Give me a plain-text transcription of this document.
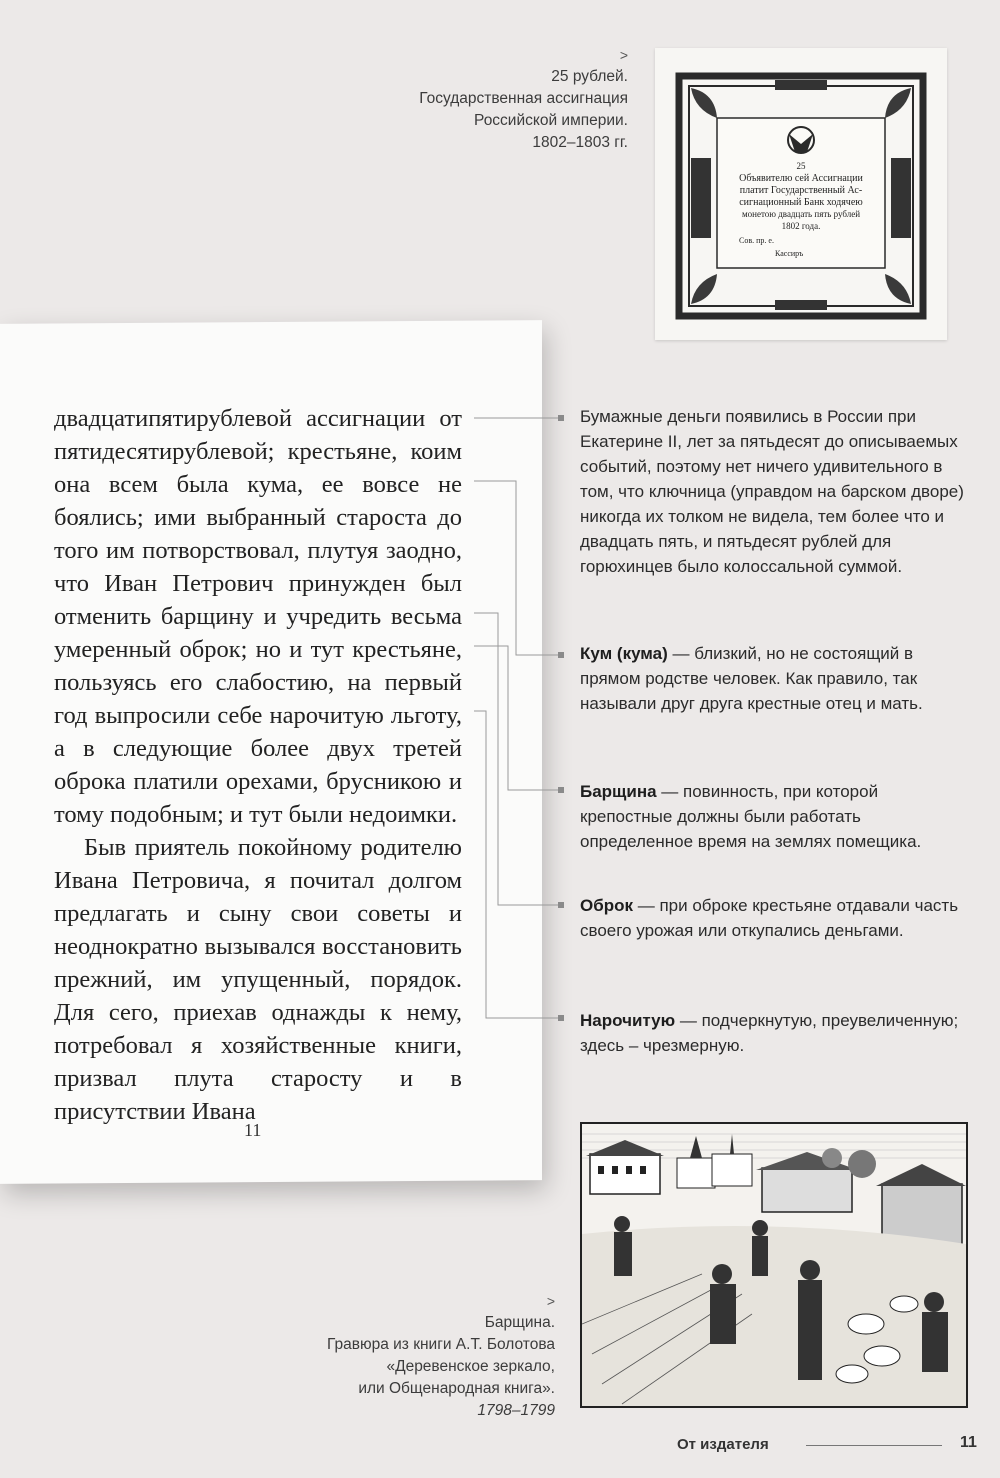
>
25 рублей.
Государственная ассигнация
Российской империи.
1802–1803 гг.
25
Объявителю сей Ассигнации
платит Государственный Ас-
сигнационный Банк ходячею
монетою двадцать пять рублей
1802 года.
Сов. пр. е.
Кассиръ

двадцатипятирублевой ассигнации от пятидесятирублевой; крестьяне, коим она всем была кума, ее вовсе не боялись; ими выбранный староста до того им потворствовал, плутуя заодно, что Иван Петрович принужден был отменить барщину и учредить весьма умеренный оброк; но и тут крестьяне, пользуясь его слабостию, на первый год выпросили себе нарочитую льготу, а в следующие более двух третей оброка платили орехами, брусникою и тому подобным; и тут были недоимки.

Быв приятель покойному родителю Ивана Петровича, я почитал долгом предлагать и сыну свои советы и неоднократно вызывался восстановить прежний, им упущенный, порядок. Для сего, приехав однажды к нему, потребовал я хозяйственные книги, призвал плута старосту и в присутствии Ивана

11
Бумажные деньги появились в России при Екатерине II, лет за пятьдесят до описываемых событий, поэтому нет ничего удивительного в том, что ключница (управдом на барском дворе) никогда их толком не видела, тем более что и двадцать пять, и пятьдесят рублей для горюхинцев было колоссальной суммой.
Кум (кума) — близкий, но не состоящий в прямом родстве человек. Как правило, так называли друг друга крестные отец и мать.
Барщина — повинность, при которой крепостные должны были работать определенное время на землях помещика.
Оброк — при оброке крестьяне отдавали часть своего урожая или откупались деньгами.
Нарочитую — подчеркнутую, преувеличенную; здесь – чрезмерную.
>
Барщина.
Гравюра из книги А.Т. Болотова
«Деревенское зеркало,
или Общенародная книга».
1798–1799
От издателя	11
